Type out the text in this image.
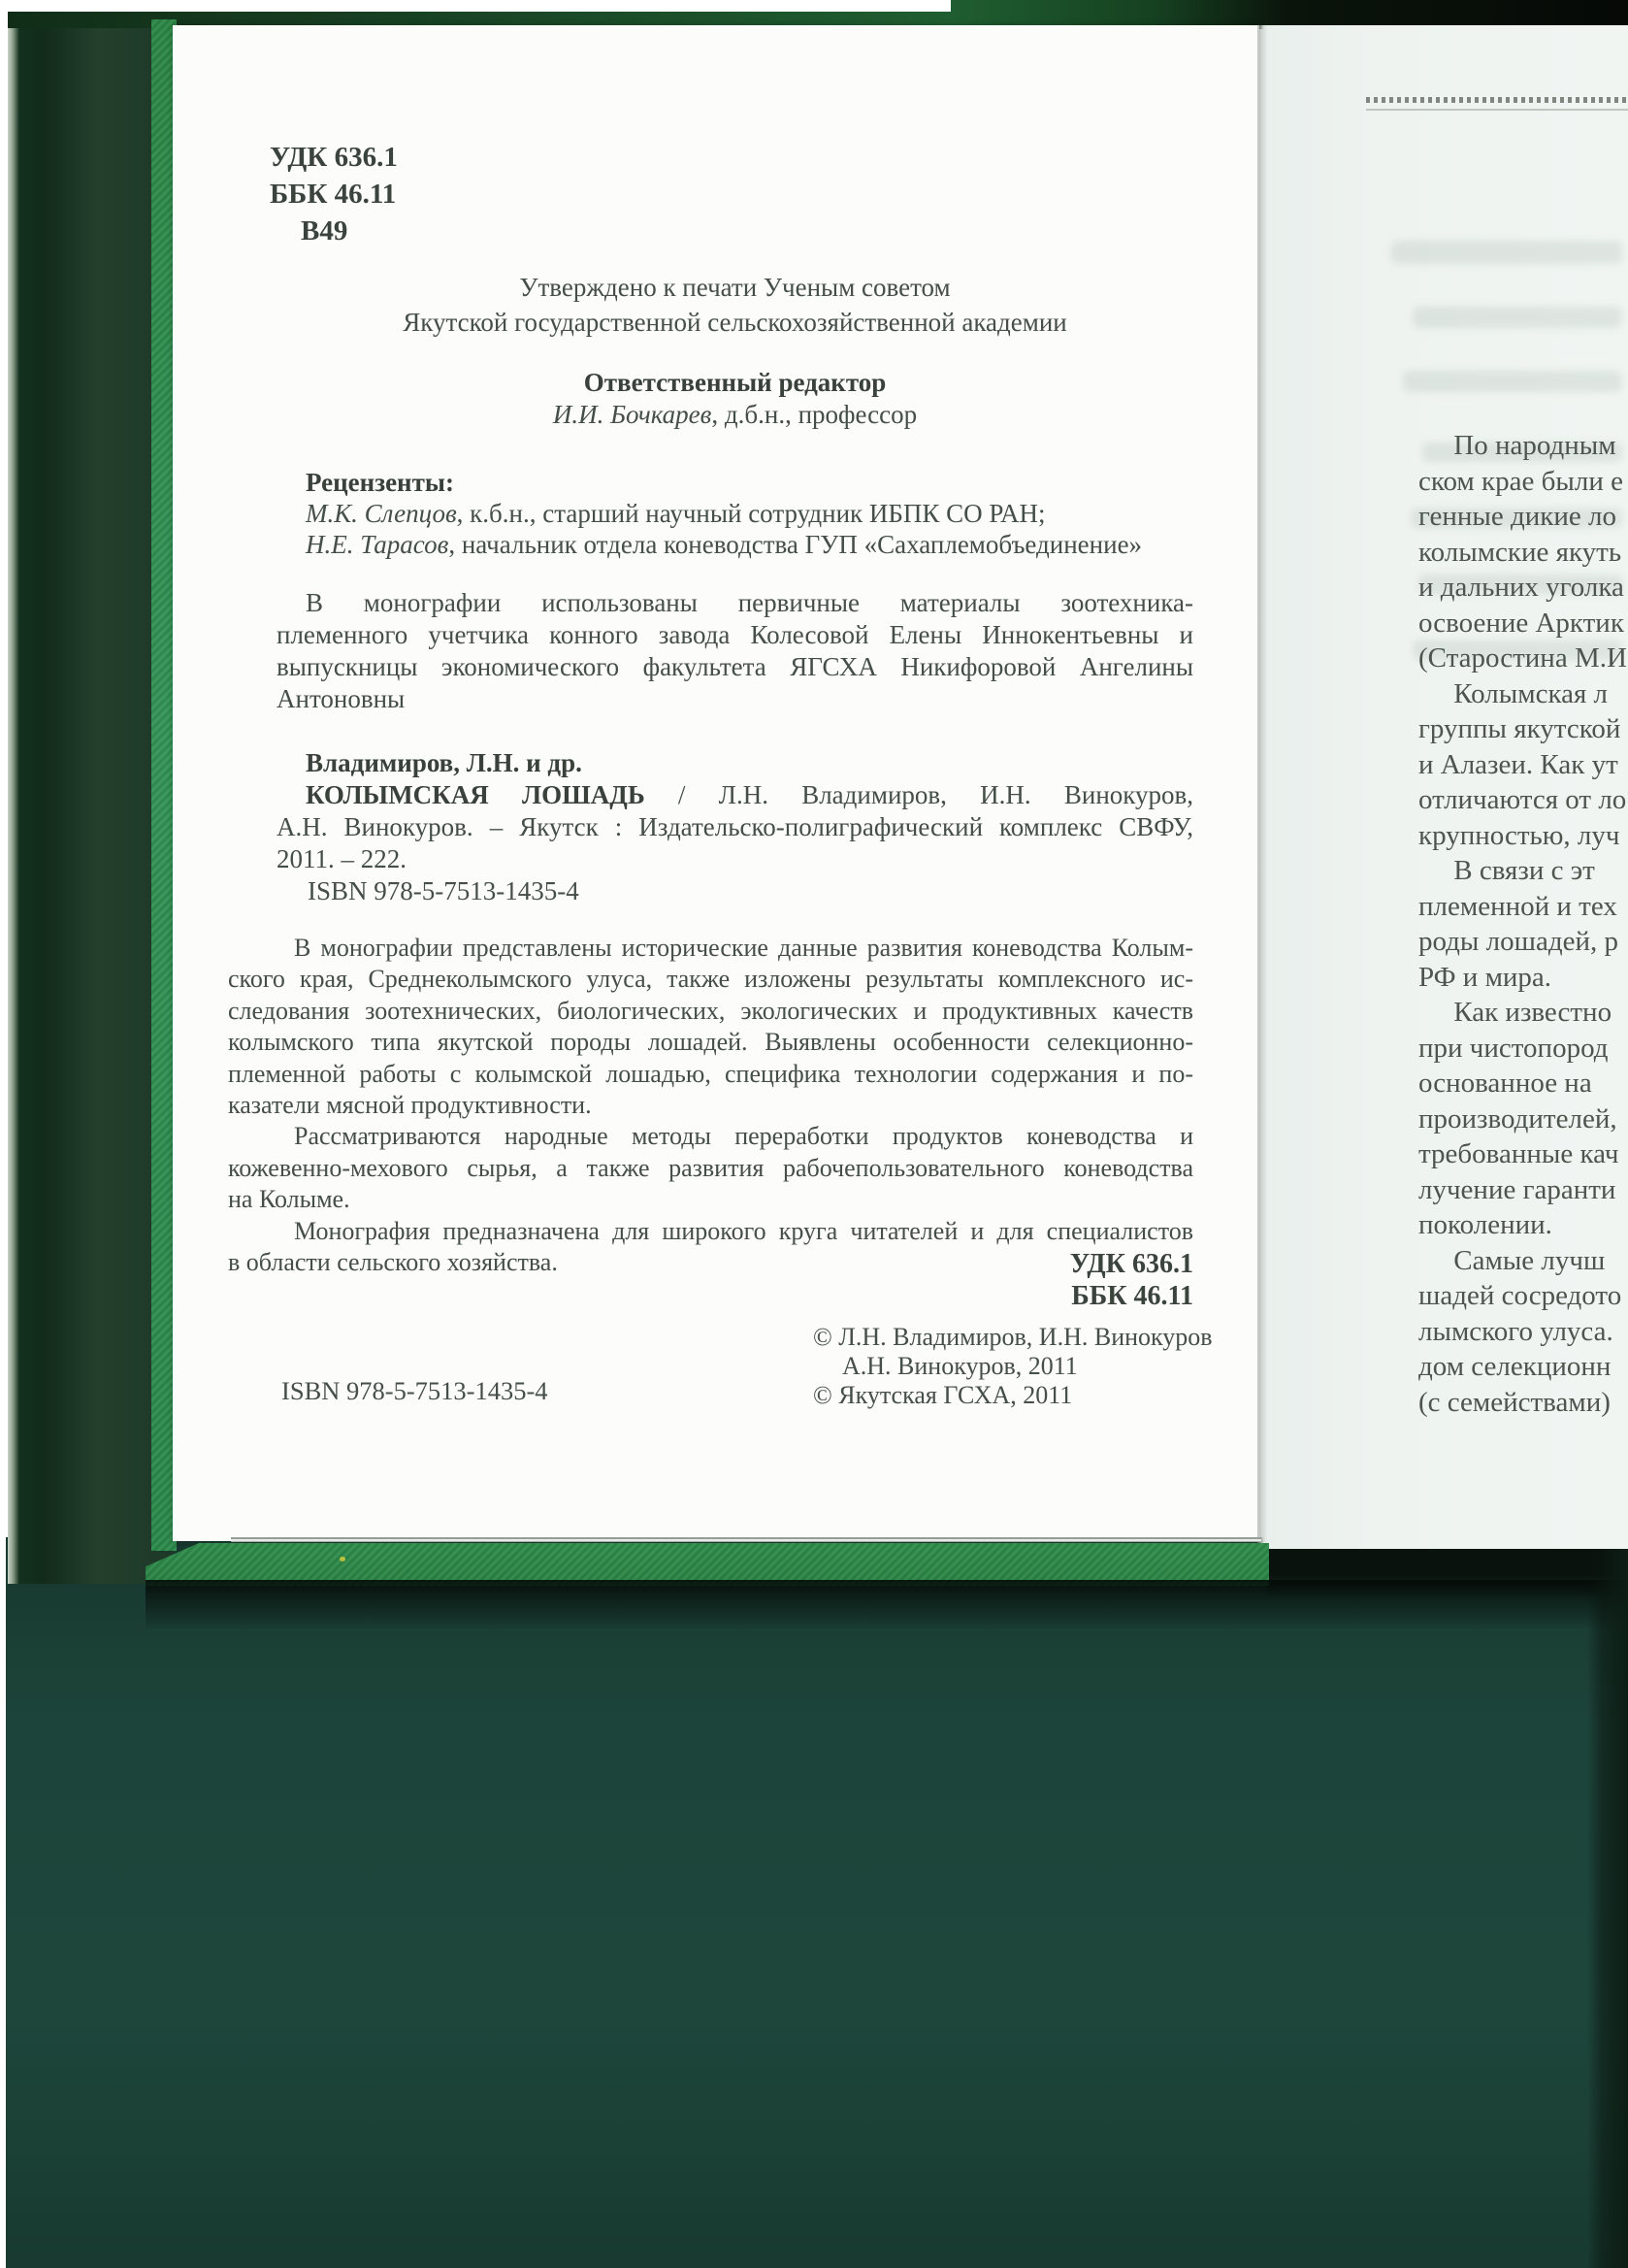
УДК 636.1
ББК 46.11
В49
Утверждено к печати Ученым советом
Якутской государственной сельскохозяйственной академии
Ответственный редактор
И.И. Бочкарев, д.б.н., профессор
Рецензенты:
М.К. Слепцов, к.б.н., старший научный сотрудник ИБПК СО РАН;
Н.Е. Тарасов, начальник отдела коневодства ГУП «Сахаплемобъединение»
В монографии использованы первичные материалы зоотехника-
племенного учетчика конного завода Колесовой Елены Иннокентьевны и
выпускницы экономического факультета ЯГСХА Никифоровой Ангелины
Антоновны
Владимиров, Л.Н. и др.
КОЛЫМСКАЯ ЛОШАДЬ / Л.Н. Владимиров, И.Н. Винокуров,
А.Н. Винокуров. – Якутск : Издательско-полиграфический комплекс СВФУ,
2011. – 222.
ISBN 978-5-7513-1435-4
В монографии представлены исторические данные развития коневодства Колым-
ского края, Среднеколымского улуса, также изложены результаты комплексного ис-
следования зоотехнических, биологических, экологических и продуктивных качеств
колымского типа якутской породы лошадей. Выявлены особенности селекционно-
племенной работы с колымской лошадью, специфика технологии содержания и по-
казатели мясной продуктивности.
Рассматриваются народные методы переработки продуктов коневодства и
кожевенно-мехового сырья, а также развития рабочепользовательного коневодства
на Колыме.
Монография предназначена для широкого круга читателей и для специалистов
в области сельского хозяйства.	УДК 636.1
ББК 46.11
© Л.Н. Владимиров, И.Н. Винокуров
А.Н. Винокуров, 2011
© Якутская ГСХА, 2011
ISBN 978-5-7513-1435-4
По народным
ском крае были е
генные дикие ло
колымские якуть
и дальних уголка
освоение Арктик
(Старостина М.И
Колымская л
группы якутской
и Алазеи. Как ут
отличаются от ло
крупностью, луч
В связи с эт
племенной и тех
роды лошадей, р
РФ и мира.
Как известно
при чистопород
основанное на
производителей,
требованные кач
лучение гаранти
поколении.
Самые лучш
шадей сосредото
лымского улуса.
дом селекционн
(с семействами)
